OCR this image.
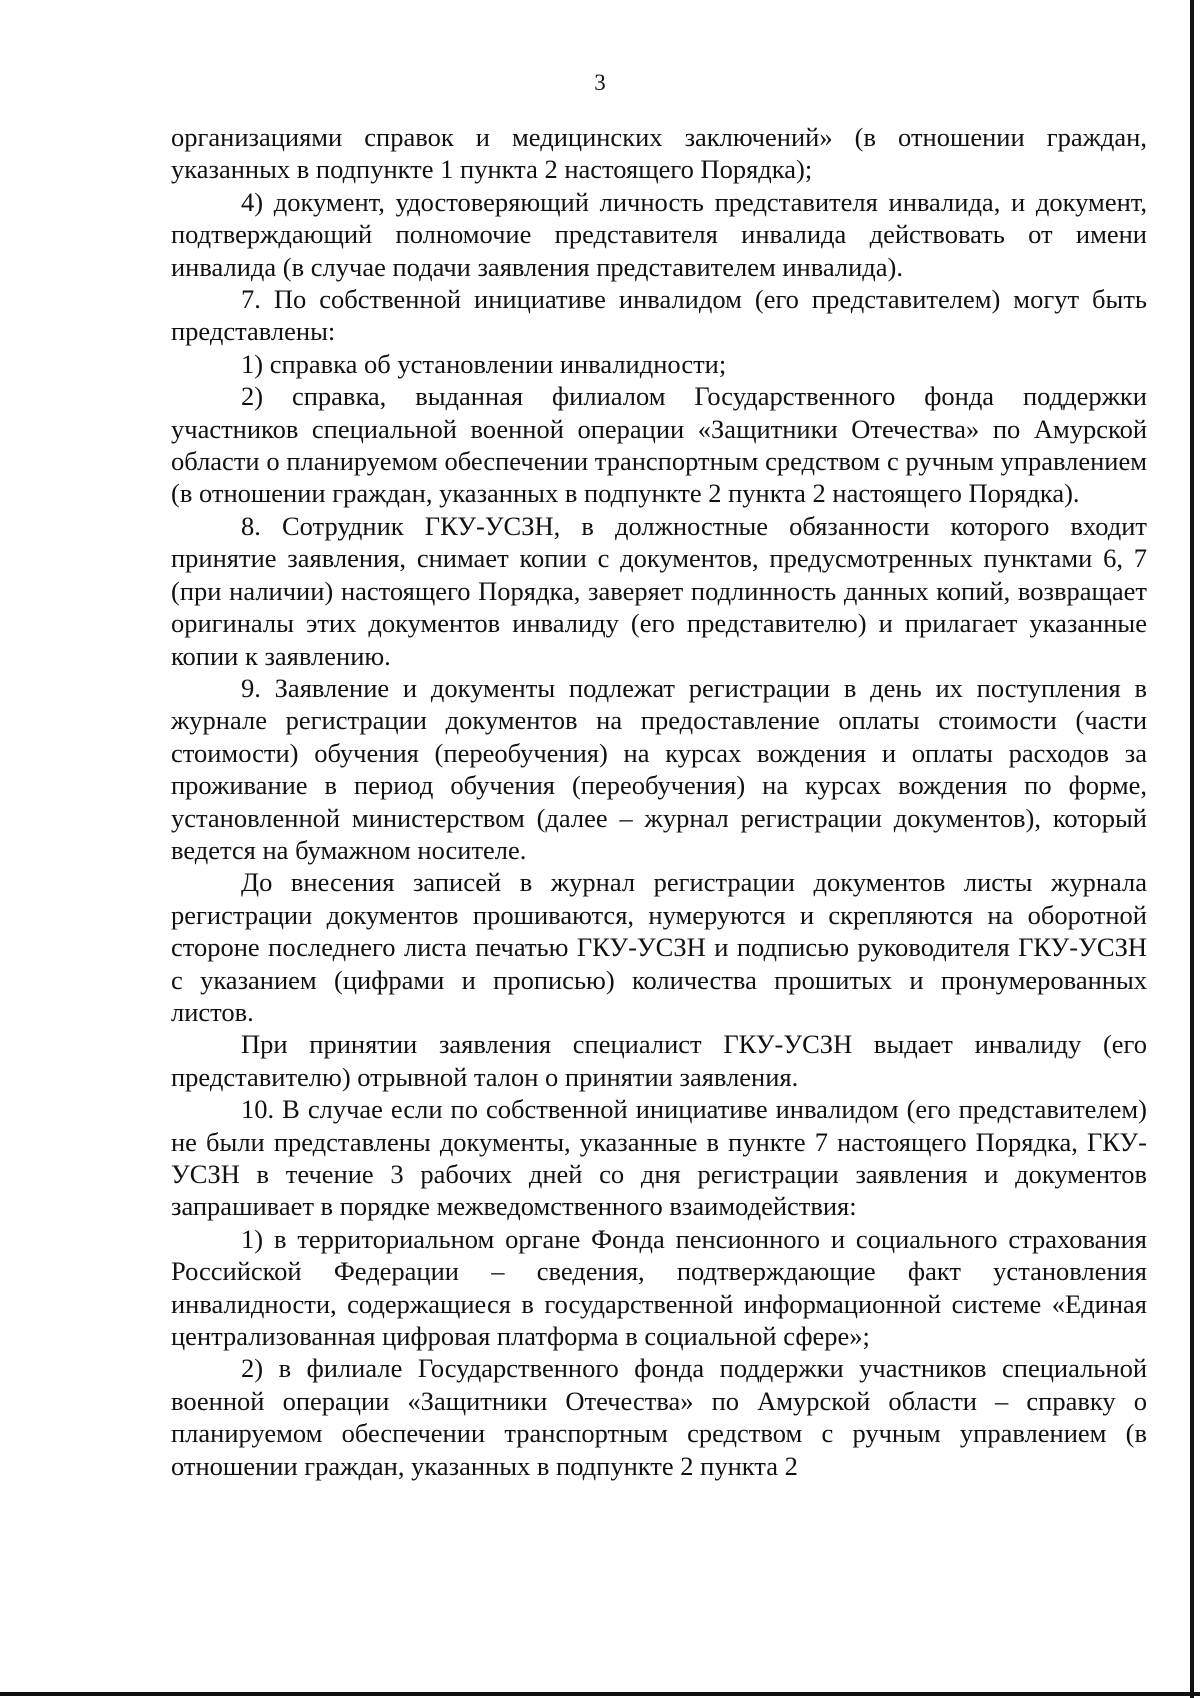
3

организациями справок и медицинских заключений» (в отношении граждан, указанных в подпункте 1 пункта 2 настоящего Порядка);

4) документ, удостоверяющий личность представителя инвалида, и документ, подтверждающий полномочие представителя инвалида действовать от имени инвалида (в случае подачи заявления представителем инвалида).

7. По собственной инициативе инвалидом (его представителем) могут быть представлены:

1) справка об установлении инвалидности;

2) справка, выданная филиалом Государственного фонда поддержки участников специальной военной операции «Защитники Отечества» по Амурской области о планируемом обеспечении транспортным средством с ручным управлением (в отношении граждан, указанных в подпункте 2 пункта 2 настоящего Порядка).

8. Сотрудник ГКУ-УСЗН, в должностные обязанности которого входит принятие заявления, снимает копии с документов, предусмотренных пунктами 6, 7 (при наличии) настоящего Порядка, заверяет подлинность данных копий, возвращает оригиналы этих документов инвалиду (его представителю) и прилагает указанные копии к заявлению.

9. Заявление и документы подлежат регистрации в день их поступления в журнале регистрации документов на предоставление оплаты стоимости (части стоимости) обучения (переобучения) на курсах вождения и оплаты расходов за проживание в период обучения (переобучения) на курсах вождения по форме, установленной министерством (далее – журнал регистрации документов), который ведется на бумажном носителе.

До внесения записей в журнал регистрации документов листы журнала регистрации документов прошиваются, нумеруются и скрепляются на оборотной стороне последнего листа печатью ГКУ-УСЗН и подписью руководителя ГКУ-УСЗН с указанием (цифрами и прописью) количества прошитых и пронумерованных листов.

При принятии заявления специалист ГКУ-УСЗН выдает инвалиду (его представителю) отрывной талон о принятии заявления.

10. В случае если по собственной инициативе инвалидом (его представителем) не были представлены документы, указанные в пункте 7 настоящего Порядка, ГКУ-УСЗН в течение 3 рабочих дней со дня регистрации заявления и документов запрашивает в порядке межведомственного взаимодействия:

1) в территориальном органе Фонда пенсионного и социального страхования Российской Федерации – сведения, подтверждающие факт установления инвалидности, содержащиеся в государственной информационной системе «Единая централизованная цифровая платформа в социальной сфере»;

2) в филиале Государственного фонда поддержки участников специальной военной операции «Защитники Отечества» по Амурской области – справку о планируемом обеспечении транспортным средством с ручным управлением (в отношении граждан, указанных в подпункте 2 пункта 2
